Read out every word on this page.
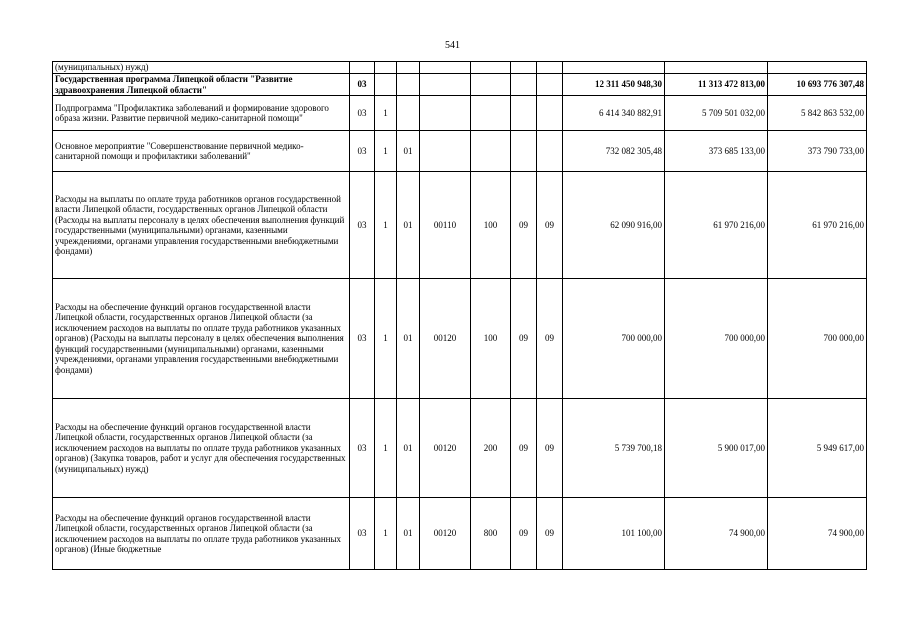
541
(муниципальных) нужд)										
Государственная программа Липецкой области "Развитие здравоохранения Липецкой области"	03							12 311 450 948,30	11 313 472 813,00	10 693 776 307,48
Подпрограмма "Профилактика заболеваний и формирование здорового образа жизни. Развитие первичной медико-санитарной помощи"	03	1						6 414 340 882,91	5 709 501 032,00	5 842 863 532,00
Основное мероприятие "Совершенствование первичной медико-санитарной помощи и профилактики заболеваний"	03	1	01					732 082 305,48	373 685 133,00	373 790 733,00
Расходы на выплаты по оплате труда работников органов государственной власти Липецкой области, государственных органов Липецкой области (Расходы на выплаты персоналу в целях обеспечения выполнения функций государственными (муниципальными) органами, казенными учреждениями, органами управления государственными внебюджетными фондами)	03	1	01	00110	100	09	09	62 090 916,00	61 970 216,00	61 970 216,00
Расходы на обеспечение функций органов государственной власти Липецкой области, государственных органов Липецкой области (за исключением расходов на выплаты по оплате труда работников указанных органов) (Расходы на выплаты персоналу в целях обеспечения выполнения функций государственными (муниципальными) органами, казенными учреждениями, органами управления государственными внебюджетными фондами)	03	1	01	00120	100	09	09	700 000,00	700 000,00	700 000,00
Расходы на обеспечение функций органов государственной власти Липецкой области, государственных органов Липецкой области (за исключением расходов на выплаты по оплате труда работников указанных органов) (Закупка товаров, работ и услуг для обеспечения государственных (муниципальных) нужд)	03	1	01	00120	200	09	09	5 739 700,18	5 900 017,00	5 949 617,00
Расходы на обеспечение функций органов государственной власти Липецкой области, государственных органов Липецкой области (за исключением расходов на выплаты по оплате труда работников указанных органов) (Иные бюджетные	03	1	01	00120	800	09	09	101 100,00	74 900,00	74 900,00
